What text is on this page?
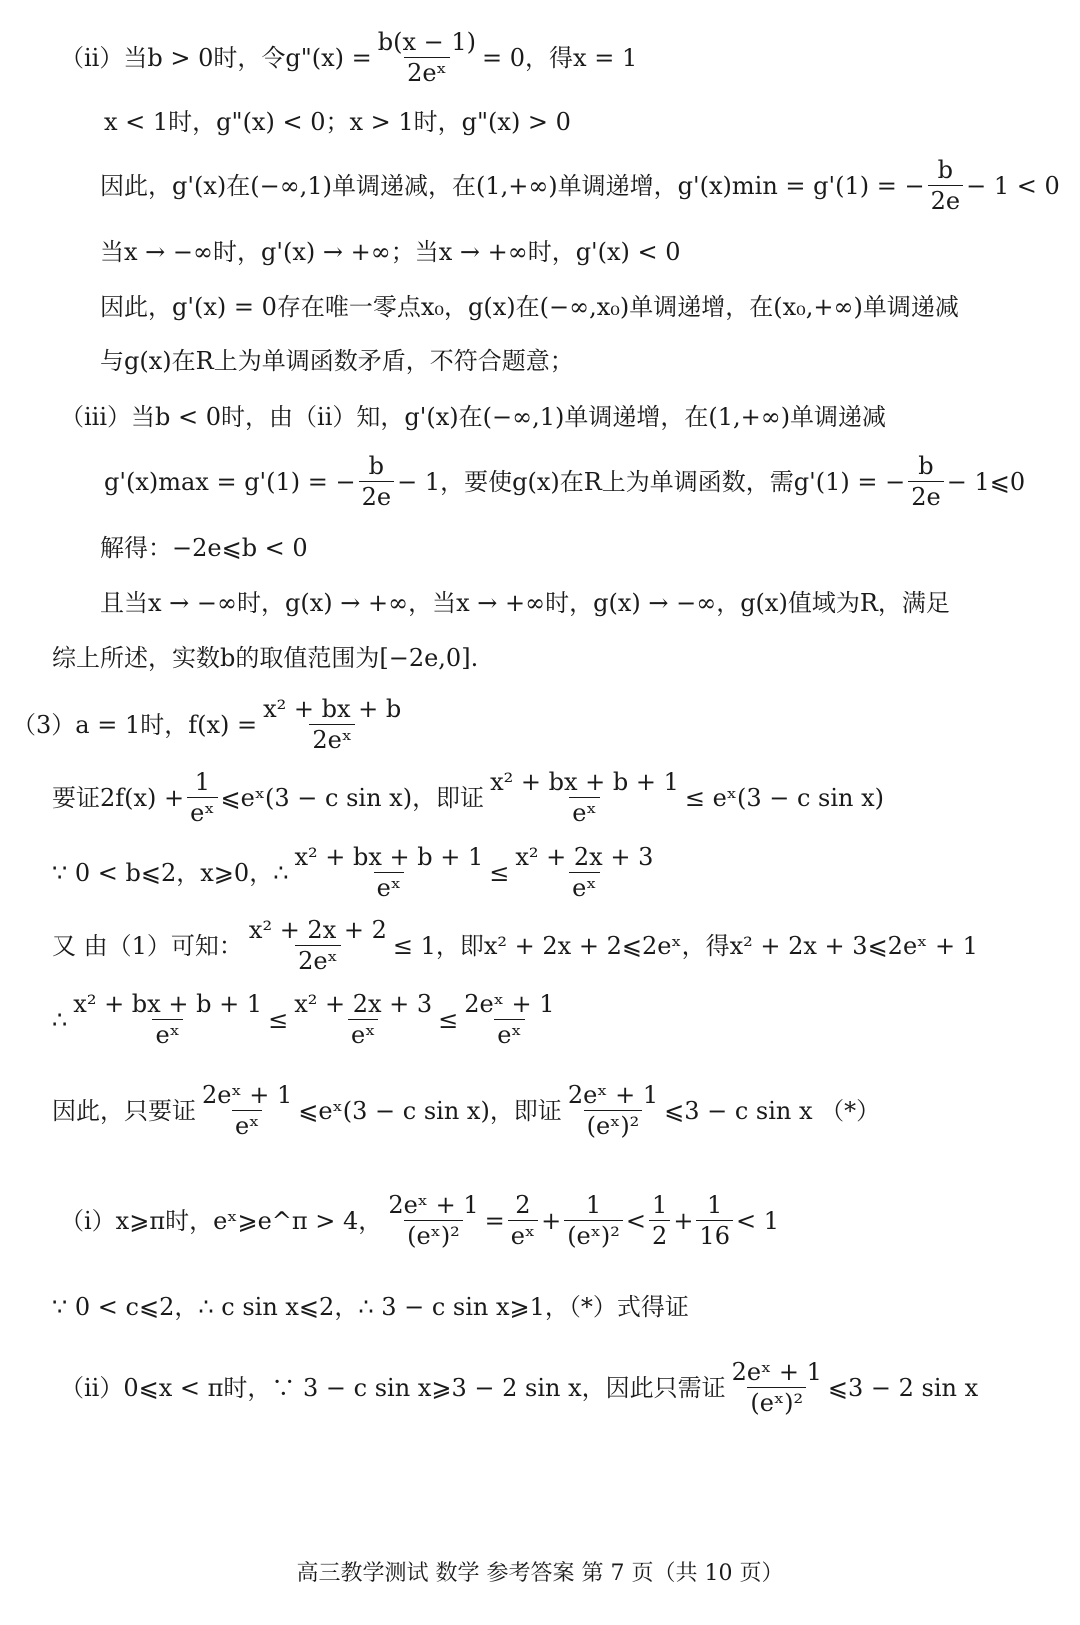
（ii）当b > 0时，令g"(x) = $\frac{b(x - 1)}{\text{2eˣ}} = 0$，得x = 1
x < 1时，g"(x) < 0；x > 1时，g"(x) > 0
因此，g'(x)在(−∞,1)单调递减，在(1,+∞)单调递增，g'(x)min = g'(1) = − $\frac{b}{2e} - 1 < 0$
当x → −∞时，g'(x) → +∞；当x → +∞时，g'(x) < 0
因此，g'(x) = 0存在唯一零点x₀，g(x)在(−∞,x₀)单调递增，在(x₀,+∞)单调递减
与g(x)在R上为单调函数矛盾，不符合题意；
（iii）当b < 0时，由（ii）知，g'(x)在(−∞,1)单调递增，在(1,+∞)单调递减
g'(x)max = g'(1) = − $\frac{b}{2e} - 1$，要使g(x)在R上为单调函数，需g'(1) = − $\frac{b}{2e}$ − 1⩽0
解得：−2e⩽b < 0
且当x → −∞时，g(x) → +∞，当x → +∞时，g(x) → −∞，g(x)值域为R，满足
综上所述，实数b的取值范围为[−2e,0].
（3）a = 1时，$f(x) = \frac{\text{x² + bx + b}}{\text{2eˣ}}$
要证$2f(x) + \frac{1}{\text{eˣ}}$ ⩽eˣ(3 − c sin x)，即证 $\frac{\text{x² + bx + b + 1}}{\text{eˣ}}$ ≤ eˣ(3 − c sin x)
∵ 0 < b⩽2，x⩾0，∴ $\frac{\text{x² + bx + b + 1}}{\text{eˣ}} \le \frac{\text{x² + 2x + 3}}{\text{eˣ}}$
又 由（1）可知： $\frac{\text{x² + 2x + 2}}{\text{2eˣ}} \le 1$，即x² + 2x + 2⩽2eˣ，得x² + 2x + 3⩽2eˣ + 1
∴ $\frac{\text{x² + bx + b + 1}}{\text{eˣ}} \le \frac{\text{x² + 2x + 3}}{\text{eˣ}} \le \frac{\text{2eˣ + 1}}{\text{eˣ}}$
因此，只要证 $\frac{\text{2eˣ + 1}}{\text{eˣ}}$ ⩽eˣ(3 − c sin x)，即证 $\frac{\text{2eˣ + 1}}{\text{(eˣ)²}}$ ⩽3 − c sin x （*）
（i）x⩾π时，eˣ⩾e^π > 4， $\frac{\text{2eˣ + 1}}{\text{(eˣ)²}} = \frac{2}{\text{eˣ}} + \frac{1}{\text{(eˣ)²}} < \frac{1}{2} + \frac{1}{16} < 1$
∵ 0 < c⩽2，∴ c sin x⩽2，∴ 3 − c sin x⩾1，（*）式得证
（ii）0⩽x < π时，∵ 3 − c sin x⩾3 − 2 sin x，因此只需证 $\frac{\text{2eˣ + 1}}{\text{(eˣ)²}}$ ⩽3 − 2 sin x
高三教学测试 数学 参考答案 第 7 页（共 10 页）
